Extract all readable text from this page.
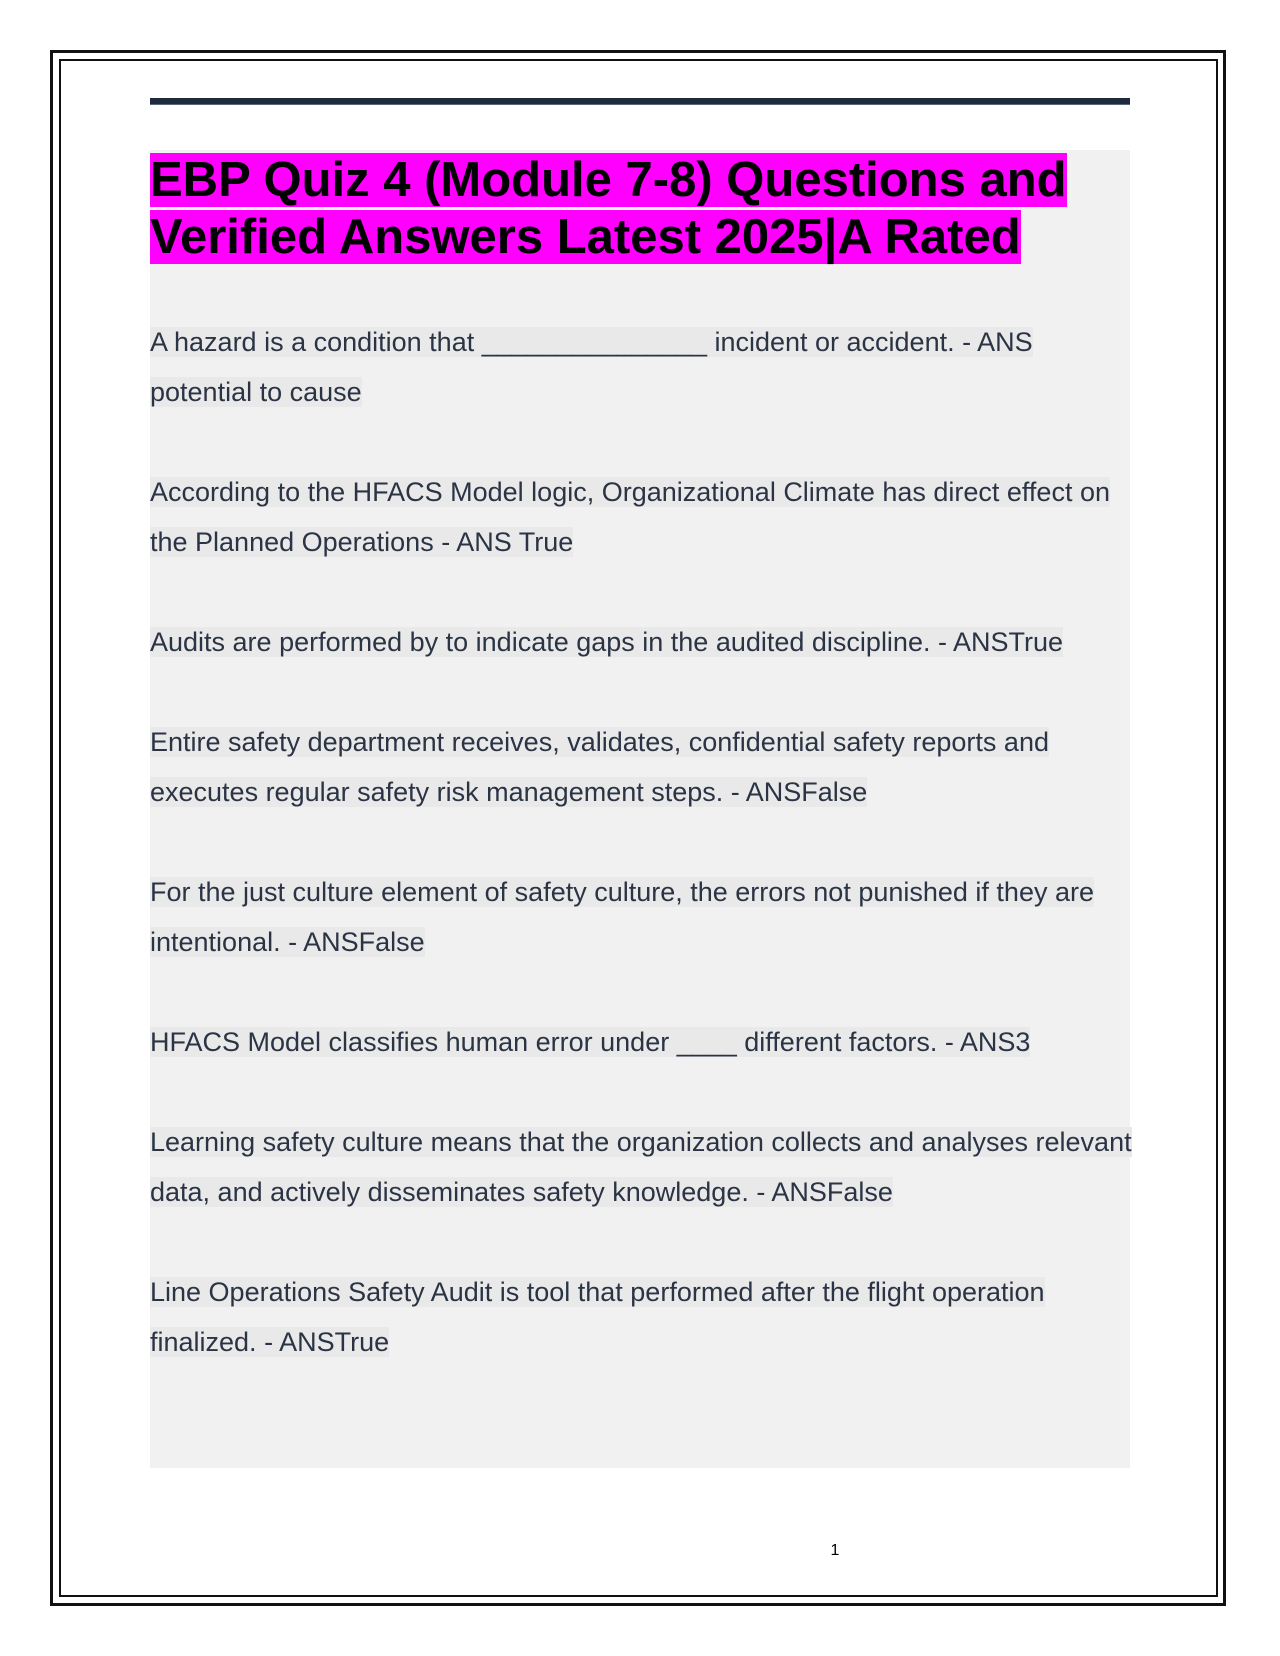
EBP Quiz 4 (Module 7-8) Questions and Verified Answers Latest 2025|A Rated
A hazard is a condition that _______________ incident or accident. - ANS potential to cause
According to the HFACS Model logic, Organizational Climate has direct effect on the Planned Operations - ANS True
Audits are performed by to indicate gaps in the audited discipline. - ANSTrue
Entire safety department receives, validates, confidential safety reports and executes regular safety risk management steps. - ANSFalse
For the just culture element of safety culture, the errors not punished if they are intentional. - ANSFalse
HFACS Model classifies human error under ____ different factors. - ANS3
Learning safety culture means that the organization collects and analyses relevant data, and actively disseminates safety knowledge. - ANSFalse
Line Operations Safety Audit is tool that performed after the flight operation finalized. - ANSTrue
1
